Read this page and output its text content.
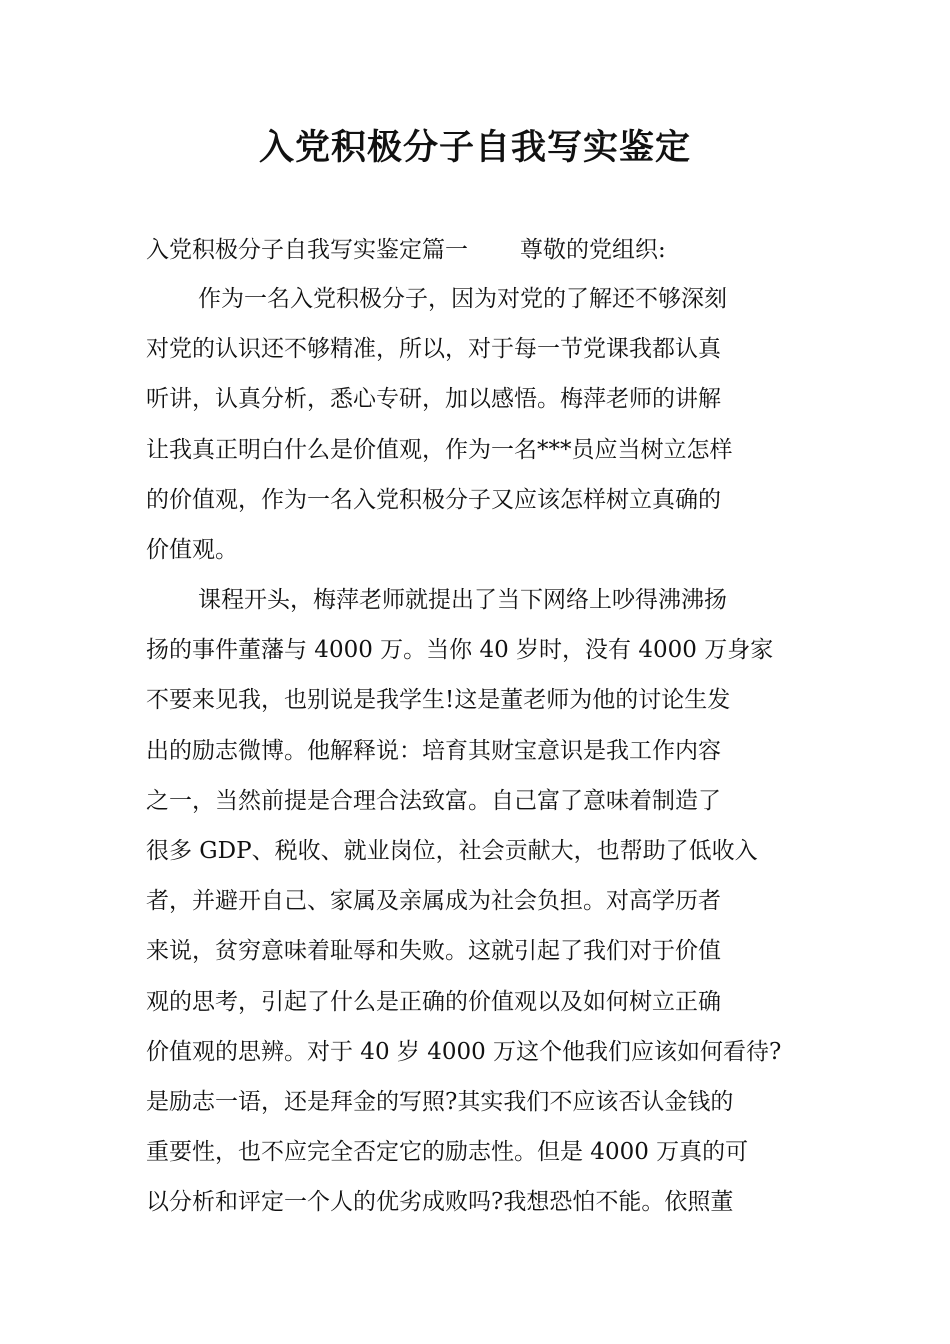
入党积极分子自我写实鉴定

入党积极分子自我写实鉴定篇一 尊敬的党组织:

作为一名入党积极分子，因为对党的了解还不够深刻
对党的认识还不够精准，所以，对于每一节党课我都认真
听讲，认真分析，悉心专研，加以感悟。梅萍老师的讲解
让我真正明白什么是价值观，作为一名***员应当树立怎样
的价值观，作为一名入党积极分子又应该怎样树立真确的
价值观。

课程开头，梅萍老师就提出了当下网络上吵得沸沸扬
扬的事件董藩与 4000 万。当你 40 岁时，没有 4000 万身家
不要来见我，也别说是我学生!这是董老师为他的讨论生发
出的励志微博。他解释说：培育其财宝意识是我工作内容
之一，当然前提是合理合法致富。自己富了意味着制造了
很多 GDP、税收、就业岗位，社会贡献大，也帮助了低收入
者，并避开自己、家属及亲属成为社会负担。对高学历者
来说，贫穷意味着耻辱和失败。这就引起了我们对于价值
观的思考，引起了什么是正确的价值观以及如何树立正确
价值观的思辨。对于 40 岁 4000 万这个他我们应该如何看待?
是励志一语，还是拜金的写照?其实我们不应该否认金钱的
重要性，也不应完全否定它的励志性。但是 4000 万真的可
以分析和评定一个人的优劣成败吗?我想恐怕不能。依照董
